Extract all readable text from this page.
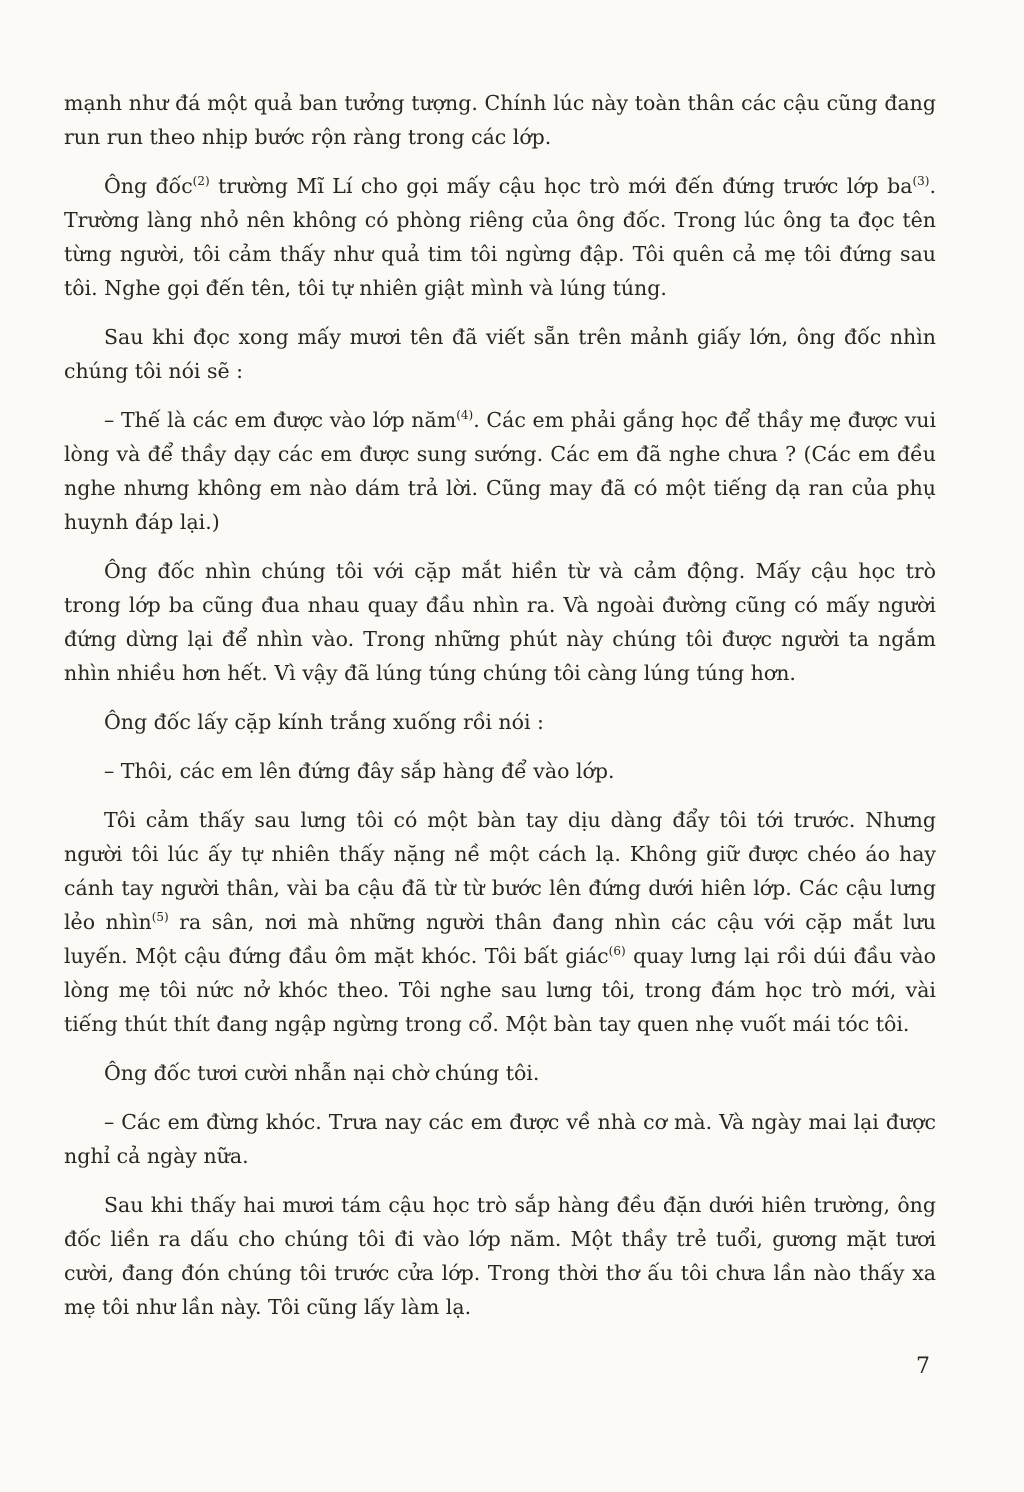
mạnh như đá một quả ban tưởng tượng. Chính lúc này toàn thân các cậu cũng đang run run theo nhịp bước rộn ràng trong các lớp.

Ông đốc$^{(2)}$ trường Mĩ Lí cho gọi mấy cậu học trò mới đến đứng trước lớp $ba^{(3)}$. Trường làng nhỏ nên không có phòng riêng của ông đốc. Trong lúc ông ta đọc tên từng người, tôi cảm thấy như quả tim tôi ngừng đập. Tôi quên cả mẹ tôi đứng sau tôi. Nghe gọi đến tên, tôi tự nhiên giật mình và lúng túng.

Sau khi đọc xong mấy mươi tên đã viết sẵn trên mảnh giấy lớn, ông đốc nhìn chúng tôi nói sẽ :

– Thế là các em được vào lớp năm$^{(4)}$. Các em phải gắng học để thầy mẹ được vui lòng và để thầy dạy các em được sung sướng. Các em đã nghe chưa ? (Các em đều nghe nhưng không em nào dám trả lời. Cũng may đã có một tiếng dạ ran của phụ huynh đáp lại.)

Ông đốc nhìn chúng tôi với cặp mắt hiền từ và cảm động. Mấy cậu học trò trong lớp ba cũng đua nhau quay đầu nhìn ra. Và ngoài đường cũng có mấy người đứng dừng lại để nhìn vào. Trong những phút này chúng tôi được người ta ngắm nhìn nhiều hơn hết. Vì vậy đã lúng túng chúng tôi càng lúng túng hơn.

Ông đốc lấy cặp kính trắng xuống rồi nói :

– Thôi, các em lên đứng đây sắp hàng để vào lớp.

Tôi cảm thấy sau lưng tôi có một bàn tay dịu dàng đẩy tôi tới trước. Nhưng người tôi lúc ấy tự nhiên thấy nặng nề một cách lạ. Không giữ được chéo áo hay cánh tay người thân, vài ba cậu đã từ từ bước lên đứng dưới hiên lớp. Các cậu lưng lẻo nhìn$^{(5)}$ ra sân, nơi mà những người thân đang nhìn các cậu với cặp mắt lưu luyến. Một cậu đứng đầu ôm mặt khóc. Tôi bất giác$^{(6)}$ quay lưng lại rồi dúi đầu vào lòng mẹ tôi nức nở khóc theo. Tôi nghe sau lưng tôi, trong đám học trò mới, vài tiếng thút thít đang ngập ngừng trong cổ. Một bàn tay quen nhẹ vuốt mái tóc tôi.

Ông đốc tươi cười nhẫn nại chờ chúng tôi.

– Các em đừng khóc. Trưa nay các em được về nhà cơ mà. Và ngày mai lại được nghỉ cả ngày nữa.

Sau khi thấy hai mươi tám cậu học trò sắp hàng đều đặn dưới hiên trường, ông đốc liền ra dấu cho chúng tôi đi vào lớp năm. Một thầy trẻ tuổi, gương mặt tươi cười, đang đón chúng tôi trước cửa lớp. Trong thời thơ ấu tôi chưa lần nào thấy xa mẹ tôi như lần này. Tôi cũng lấy làm lạ.

7
